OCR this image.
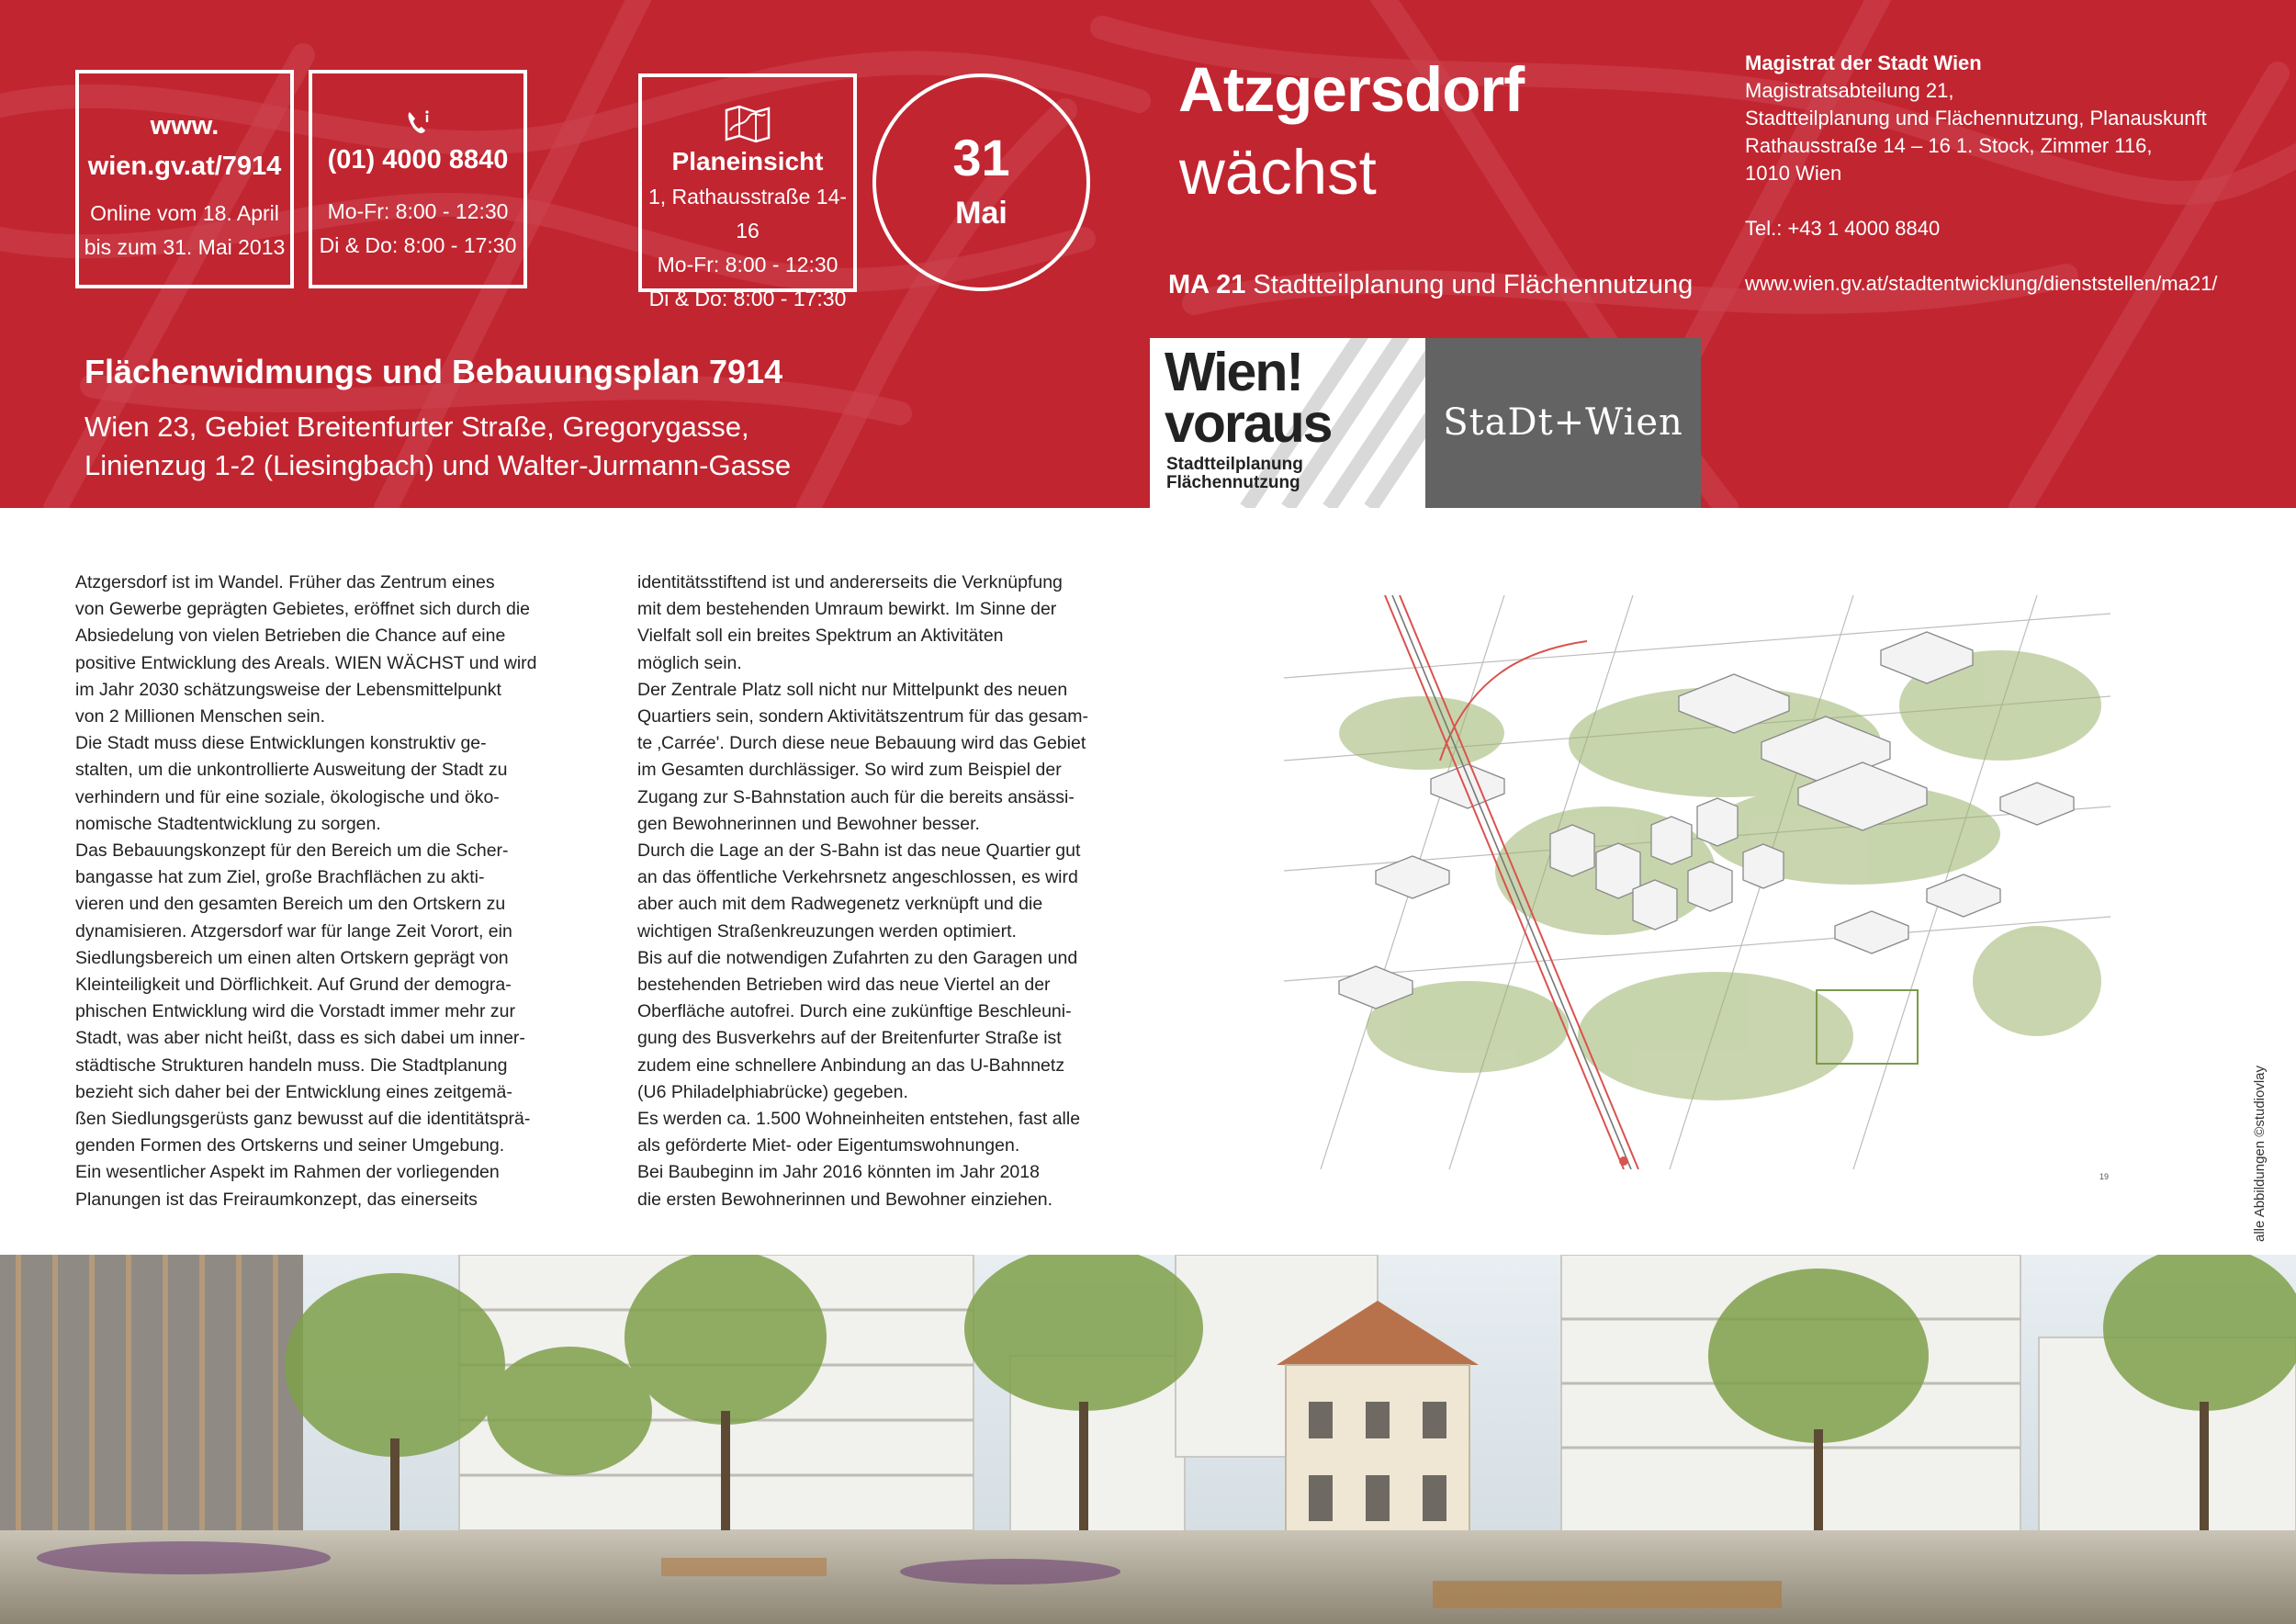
www.
wien.gv.at/7914
Online vom 18. April
bis zum 31. Mai 2013
(01) 4000 8840
Mo-Fr: 8:00 - 12:30
Di & Do: 8:00 - 17:30
Planeinsicht
1, Rathausstraße 14-16
Mo-Fr: 8:00 - 12:30
Di & Do: 8:00 - 17:30
31
Mai
Atzgersdorf
wächst
MA 21 Stadtteilplanung und Flächennutzung
Magistrat der Stadt Wien
Magistratsabteilung 21,
Stadtteilplanung und Flächennutzung, Planauskunft
Rathausstraße 14 – 16 1. Stock, Zimmer 116,
1010 Wien
Tel.: +43 1 4000 8840
www.wien.gv.at/stadtentwicklung/dienststellen/ma21/
Flächenwidmungs und Bebauungsplan 7914
Wien 23, Gebiet Breitenfurter Straße, Gregorygasse,
Linienzug 1-2 (Liesingbach) und Walter-Jurmann-Gasse
Wien!
voraus
Stadtteilplanung
Flächennutzung
StaDt+Wien
Atzgersdorf ist im Wandel. Früher das Zentrum eines
von Gewerbe geprägten Gebietes, eröffnet sich durch die
Absiedelung von vielen Betrieben die Chance auf eine
positive Entwicklung des Areals. WIEN WÄCHST und wird
im Jahr 2030 schätzungsweise der Lebensmittelpunkt
von 2 Millionen Menschen sein.
Die Stadt muss diese Entwicklungen konstruktiv ge-
stalten, um die unkontrollierte Ausweitung der Stadt zu
verhindern und für eine soziale, ökologische und öko-
nomische Stadtentwicklung zu sorgen.
Das Bebauungskonzept für den Bereich um die Scher-
bangasse hat zum Ziel, große Brachflächen zu akti-
vieren und den gesamten Bereich um den Ortskern zu
dynamisieren. Atzgersdorf war für lange Zeit Vorort, ein
Siedlungsbereich um einen alten Ortskern geprägt von
Kleinteiligkeit und Dörflichkeit. Auf Grund der demogra-
phischen Entwicklung wird die Vorstadt immer mehr zur
Stadt, was aber nicht heißt, dass es sich dabei um inner-
städtische Strukturen handeln muss. Die Stadtplanung
bezieht sich daher bei der Entwicklung eines zeitgemä-
ßen Siedlungsgerüsts ganz bewusst auf die identitätsprä-
genden Formen des Ortskerns und seiner Umgebung.
Ein wesentlicher Aspekt im Rahmen der vorliegenden
Planungen ist das Freiraumkonzept, das einerseits
identitätsstiftend ist und andererseits die Verknüpfung
mit dem bestehenden Umraum bewirkt. Im Sinne der
Vielfalt soll ein breites Spektrum an Aktivitäten
möglich sein.
Der Zentrale Platz soll nicht nur Mittelpunkt des neuen
Quartiers sein, sondern Aktivitätszentrum für das gesam-
te ‚Carrée'. Durch diese neue Bebauung wird das Gebiet
im Gesamten durchlässiger. So wird zum Beispiel der
Zugang zur S-Bahnstation auch für die bereits ansässi-
gen Bewohnerinnen und Bewohner besser.
Durch die Lage an der S-Bahn ist das neue Quartier gut
an das öffentliche Verkehrsnetz angeschlossen, es wird
aber auch mit dem Radwegenetz verknüpft und die
wichtigen Straßenkreuzungen werden optimiert.
Bis auf die notwendigen Zufahrten zu den Garagen und
bestehenden Betrieben wird das neue Viertel an der
Oberfläche autofrei. Durch eine zukünftige Beschleuni-
gung des Busverkehrs auf der Breitenfurter Straße ist
zudem eine schnellere Anbindung an das U-Bahnnetz
(U6 Philadelphiabrücke) gegeben.
Es werden ca. 1.500 Wohneinheiten entstehen, fast alle
als geförderte Miet- oder Eigentumswohnungen.
Bei Baubeginn im Jahr 2016 könnten im Jahr 2018
die ersten Bewohnerinnen und Bewohner einziehen.
19	alle Abbildungen ©studiovlay
